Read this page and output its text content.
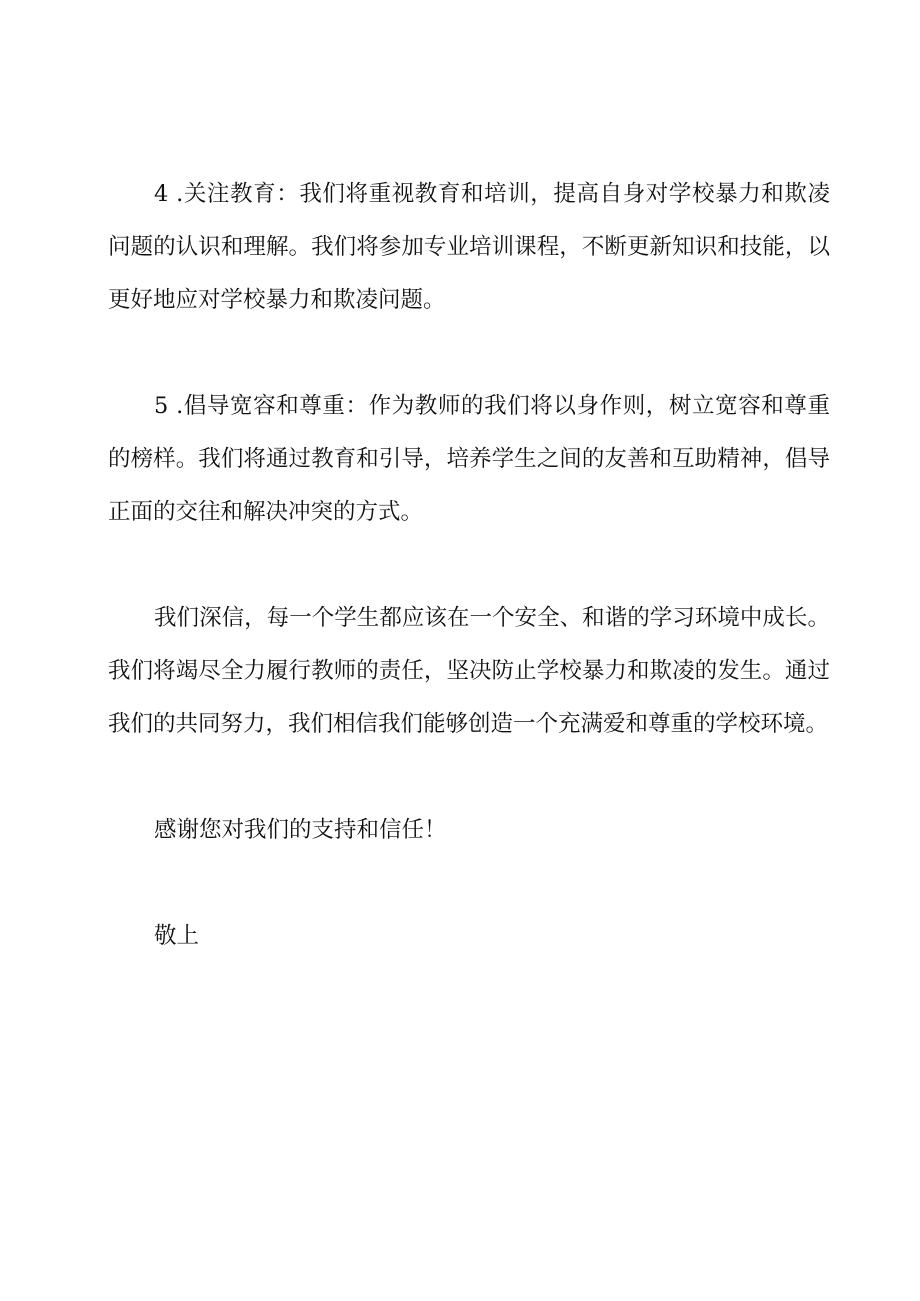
4 .关注教育：我们将重视教育和培训，提高自身对学校暴力和欺凌问题的认识和理解。我们将参加专业培训课程，不断更新知识和技能，以更好地应对学校暴力和欺凌问题。

5 .倡导宽容和尊重：作为教师的我们将以身作则，树立宽容和尊重的榜样。我们将通过教育和引导，培养学生之间的友善和互助精神，倡导正面的交往和解决冲突的方式。

我们深信，每一个学生都应该在一个安全、和谐的学习环境中成长。我们将竭尽全力履行教师的责任，坚决防止学校暴力和欺凌的发生。通过我们的共同努力，我们相信我们能够创造一个充满爱和尊重的学校环境。

感谢您对我们的支持和信任！

敬上
